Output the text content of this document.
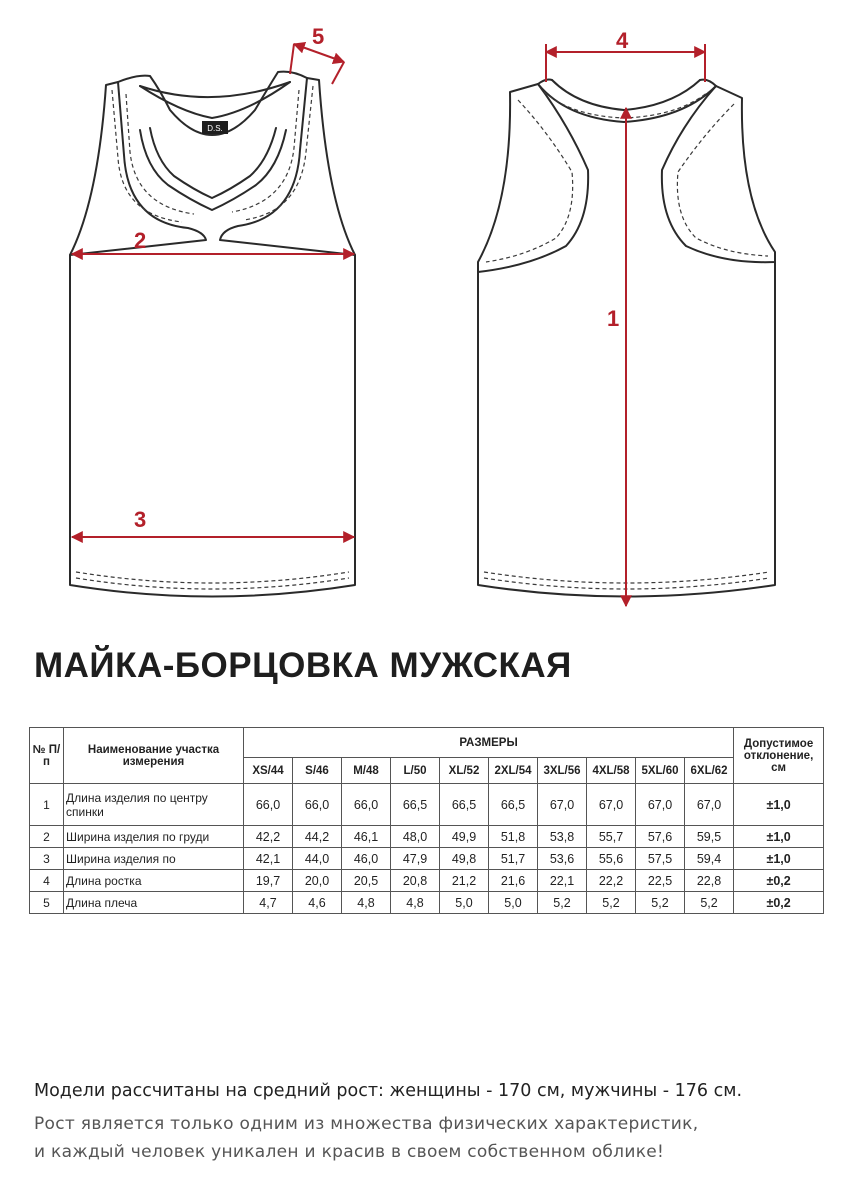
D.S.
2
3
5	4
1
МАЙКА-БОРЦОВКА МУЖСКАЯ
№ П/п	Наименование участка измерения	РАЗМЕРЫ										Допустимое отклонение, см
		XS/44	S/46	M/48	L/50	XL/52	2XL/54	3XL/56	4XL/58	5XL/60	6XL/62	
1	Длина изделия по центру спинки	66,0	66,0	66,0	66,5	66,5	66,5	67,0	67,0	67,0	67,0	±1,0
2	Ширина изделия по груди	42,2	44,2	46,1	48,0	49,9	51,8	53,8	55,7	57,6	59,5	±1,0
3	Ширина изделия по	42,1	44,0	46,0	47,9	49,8	51,7	53,6	55,6	57,5	59,4	±1,0
4	Длина ростка	19,7	20,0	20,5	20,8	21,2	21,6	22,1	22,2	22,5	22,8	±0,2
5	Длина плеча	4,7	4,6	4,8	4,8	5,0	5,0	5,2	5,2	5,2	5,2	±0,2

Модели рассчитаны на средний рост: женщины - 170 см, мужчины - 176 см.

Рост является только одним из множества физических характеристик,

и каждый человек уникален и красив в своем собственном облике!
